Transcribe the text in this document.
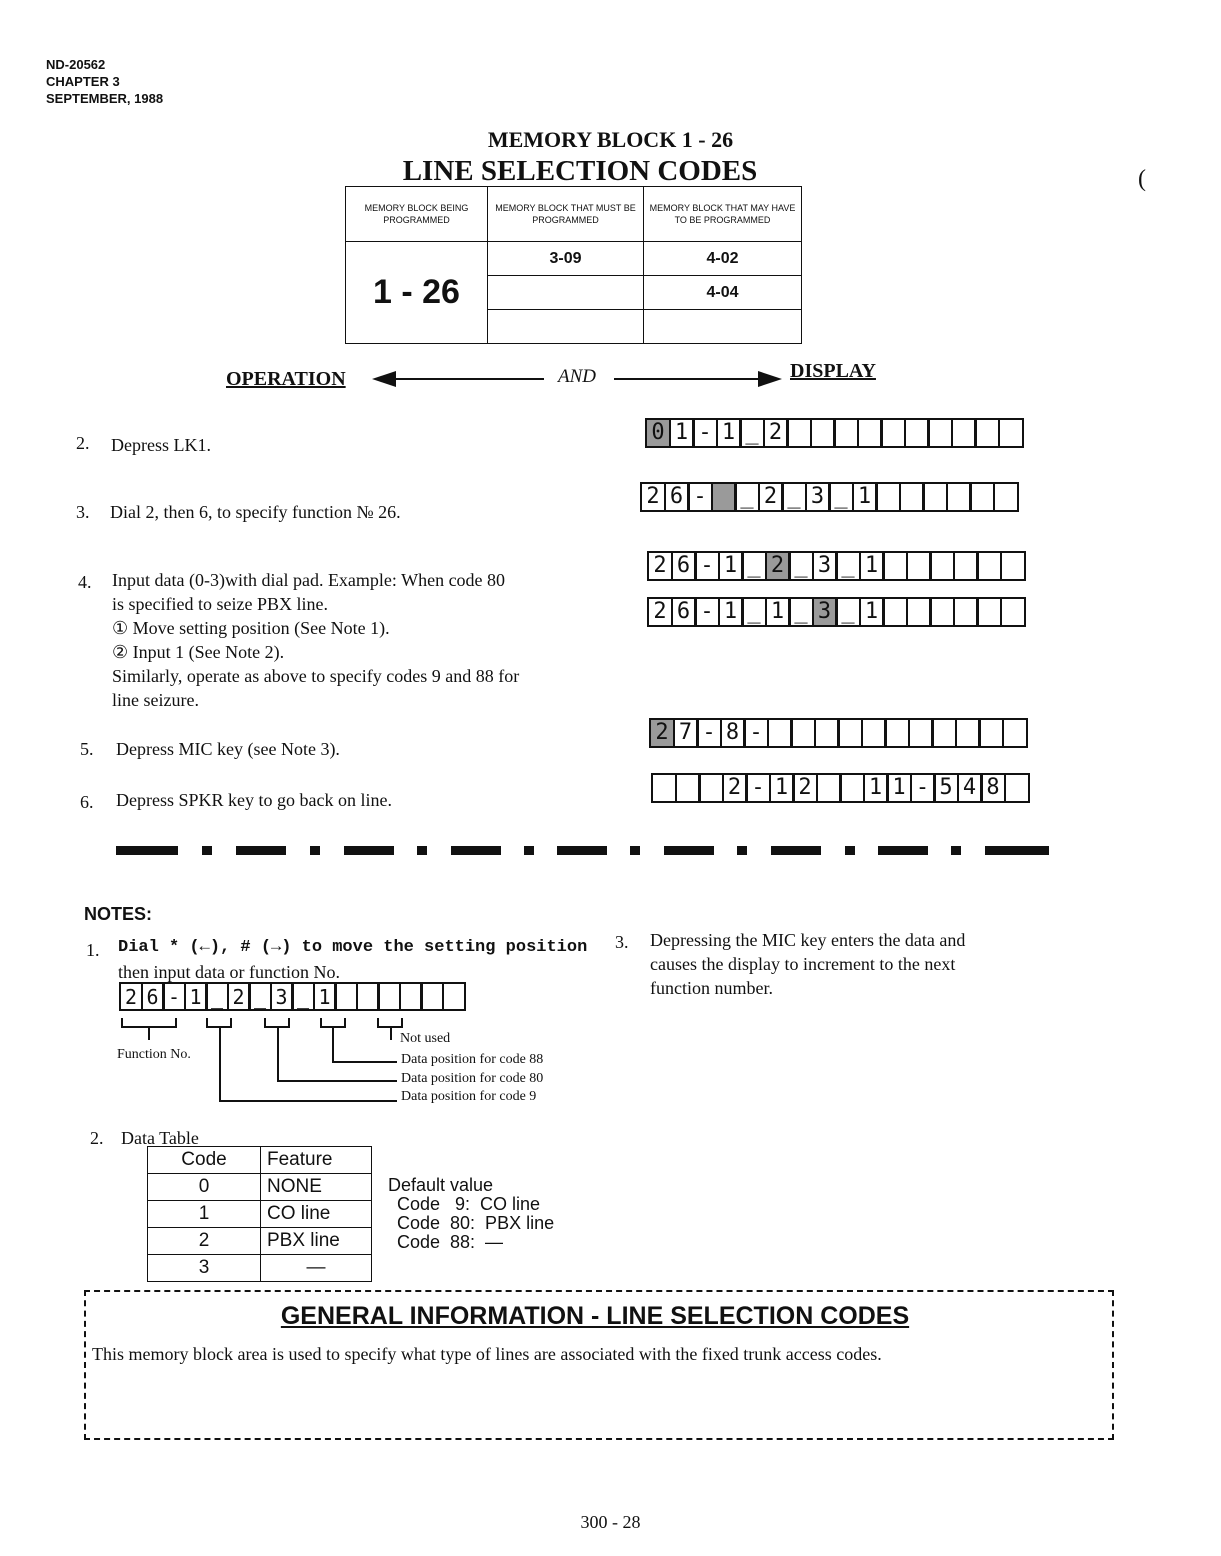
ND-20562
CHAPTER 3
SEPTEMBER, 1988
MEMORY BLOCK 1 - 26
LINE SELECTION CODES	(
MEMORY BLOCK BEING PROGRAMMED	MEMORY BLOCK THAT MUST BE PROGRAMMED	MEMORY BLOCK THAT MAY HAVE TO BE PROGRAMMED
1 - 26	3-09	4-02
		4-04

OPERATION	AND	DISPLAY
2. Depress LK1.
3. Dial 2, then 6, to specify function № 26.
4. Input data (0-3)with dial pad. Example: When code 80
is specified to seize PBX line.
① Move setting position (See Note 1).
② Input 1 (See Note 2).
Similarly, operate as above to specify codes 9 and 88 for
line seizure.
5. Depress MIC key (see Note 3).
6. Depress SPKR key to go back on line.
0 1 - 1 _ 2
2 6 - _ 2 _ 3 _ 1
2 6 - 1 _ 2 _ 3 _ 1
2 6 - 1 _ 1 _ 3 _ 1
2 7 - 8 -
2 - 1 2	1 1 - 5 4 8
NOTES:
1. Dial * (←), # (→) to move the setting position
then input data or function No.
2 6 - 1 _ 2 _ 3 _ 1
Function No.
Not used
Data position for code 88
Data position for code 80
Data position for code 9
2. Data Table
Code	Feature
0	NONE
1	CO line
2	PBX line
3	—
Default value
Code   9:  CO line
Code  80:  PBX line
Code  88:  —
3. Depressing the MIC key enters the data and
causes the display to increment to the next
function number.
GENERAL INFORMATION - LINE SELECTION CODES
This memory block area is used to specify what type of lines are associated with the fixed trunk access codes.
300 - 28
